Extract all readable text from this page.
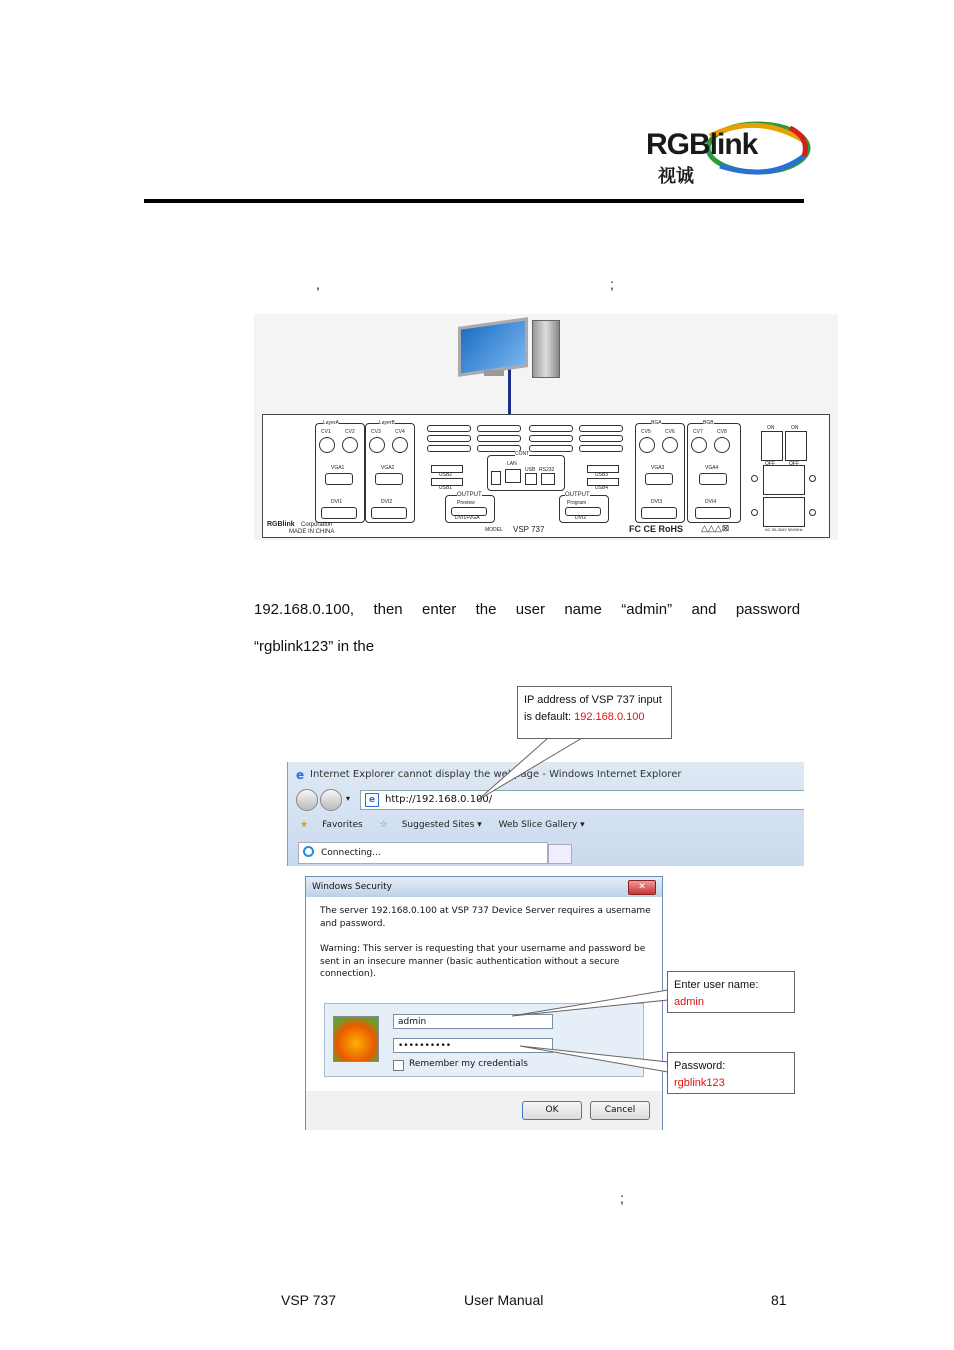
RGBlink
视诚
,	;
LayerA
CV1	CV2
VGA1
DVI1
LayerB
CV3	CV4
VGA2
DVI2
CONT
LAN
USB RS232
USB2
USB1
OUTPUT
Preview
DVI1+VGA
USB3
USB4
OUTPUT
Program
DVI2
BGA
CV5	CV6
VGA3
DVI3
BGB
CV7	CV8
VGA4
DVI4
ON	ON
OFF	OFF
AC 90-264V 50/60Hz
RGBlink Corporation
MADE IN CHINA	MODEL VSP 737	FC CE RoHS △△△⊠
192.168.0.100, then enter the user name “admin” and password
“rgblink123” in the
e Internet Explorer cannot display the webpage - Windows Internet Explorer
▾	e http://192.168.0.100/
★ Favorites ☆ Suggested Sites ▾ Web Slice Gallery ▾
Connecting...
Windows Security	✕
The server 192.168.0.100 at VSP 737 Device Server requires a username and password.
Warning: This server is requesting that your username and password be sent in an insecure manner (basic authentication without a secure connection).
admin
••••••••••
Remember my credentials
OK	Cancel
IP address of VSP 737 input
is default: 192.168.0.100
Enter user name:
admin
Password:
rgblink123
;
VSP 737	User Manual	81
